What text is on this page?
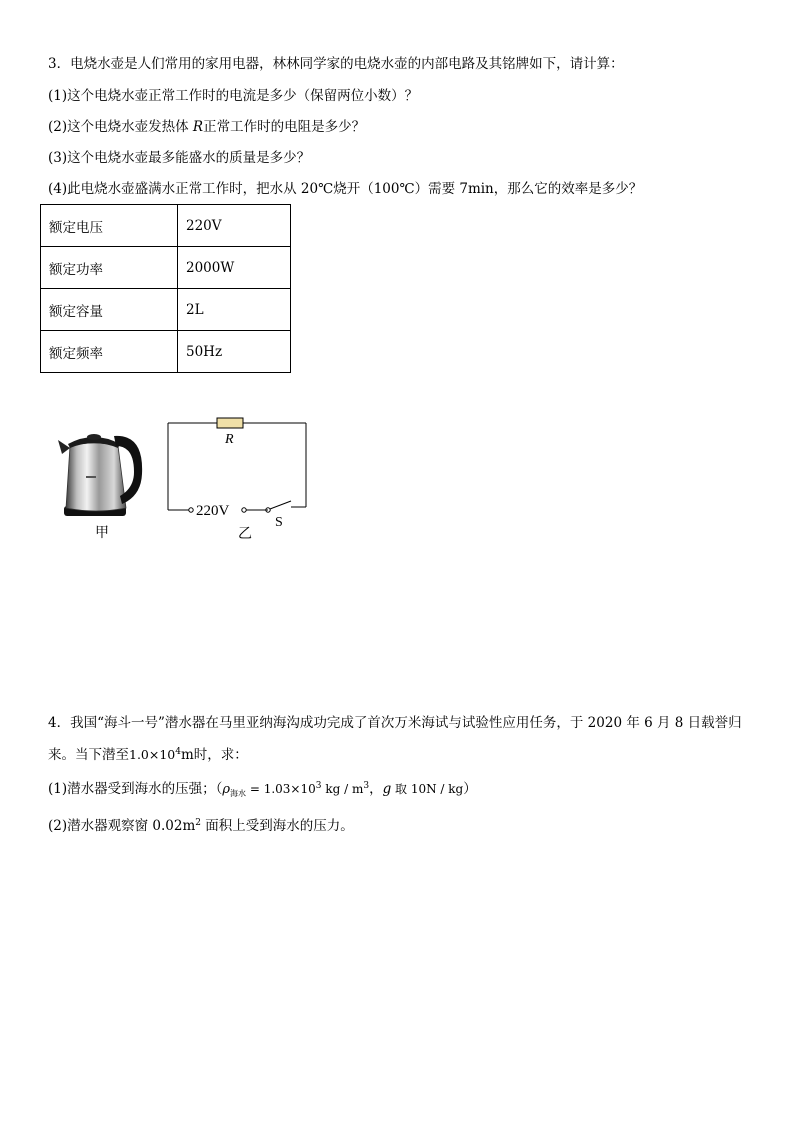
3．电烧水壶是人们常用的家用电器，林林同学家的电烧水壶的内部电路及其铭牌如下，请计算：
(1)这个电烧水壶正常工作时的电流是多少（保留两位小数）？
(2)这个电烧水壶发热体 R正常工作时的电阻是多少？
(3)这个电烧水壶最多能盛水的质量是多少？
(4)此电烧水壶盛满水正常工作时，把水从 20℃烧开（100℃）需要 7min，那么它的效率是多少？
额定电压	220V
额定功率	2000W
额定容量	2L
额定频率	50Hz
甲
R
220V
S
乙
4．我国“海斗一号”潜水器在马里亚纳海沟成功完成了首次万米海试与试验性应用任务，于 2020 年 6 月 8 日载誉归
来。当下潜至$1.0\times 10^4m$时，求：
(1)潜水器受到海水的压强；（$\rho_{海水} = 1.03\times 10^3$ kg / $m^3$，g 取 10N / kg）
(2)潜水器观察窗 $0.02m^2$ 面积上受到海水的压力。
